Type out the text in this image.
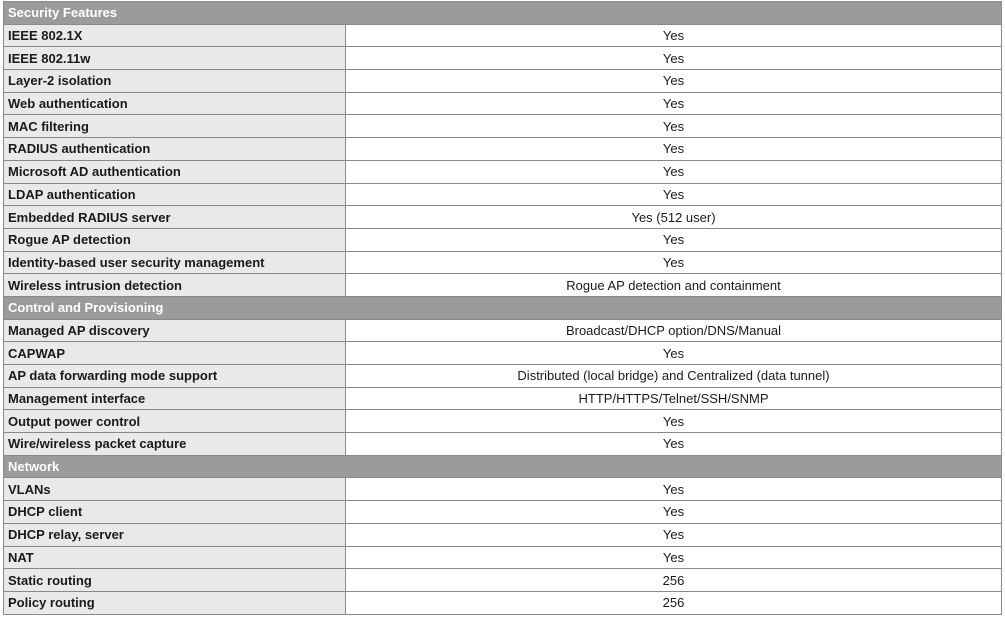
Security Features	
IEEE 802.1X	Yes
IEEE 802.11w	Yes
Layer-2 isolation	Yes
Web authentication	Yes
MAC filtering	Yes
RADIUS authentication	Yes
Microsoft AD authentication	Yes
LDAP authentication	Yes
Embedded RADIUS server	Yes (512 user)
Rogue AP detection	Yes
Identity-based user security management	Yes
Wireless intrusion detection	Rogue AP detection and containment
Control and Provisioning	
Managed AP discovery	Broadcast/DHCP option/DNS/Manual
CAPWAP	Yes
AP data forwarding mode support	Distributed (local bridge) and Centralized (data tunnel)
Management interface	HTTP/HTTPS/Telnet/SSH/SNMP
Output power control	Yes
Wire/wireless packet capture	Yes
Network	
VLANs	Yes
DHCP client	Yes
DHCP relay, server	Yes
NAT	Yes
Static routing	256
Policy routing	256
